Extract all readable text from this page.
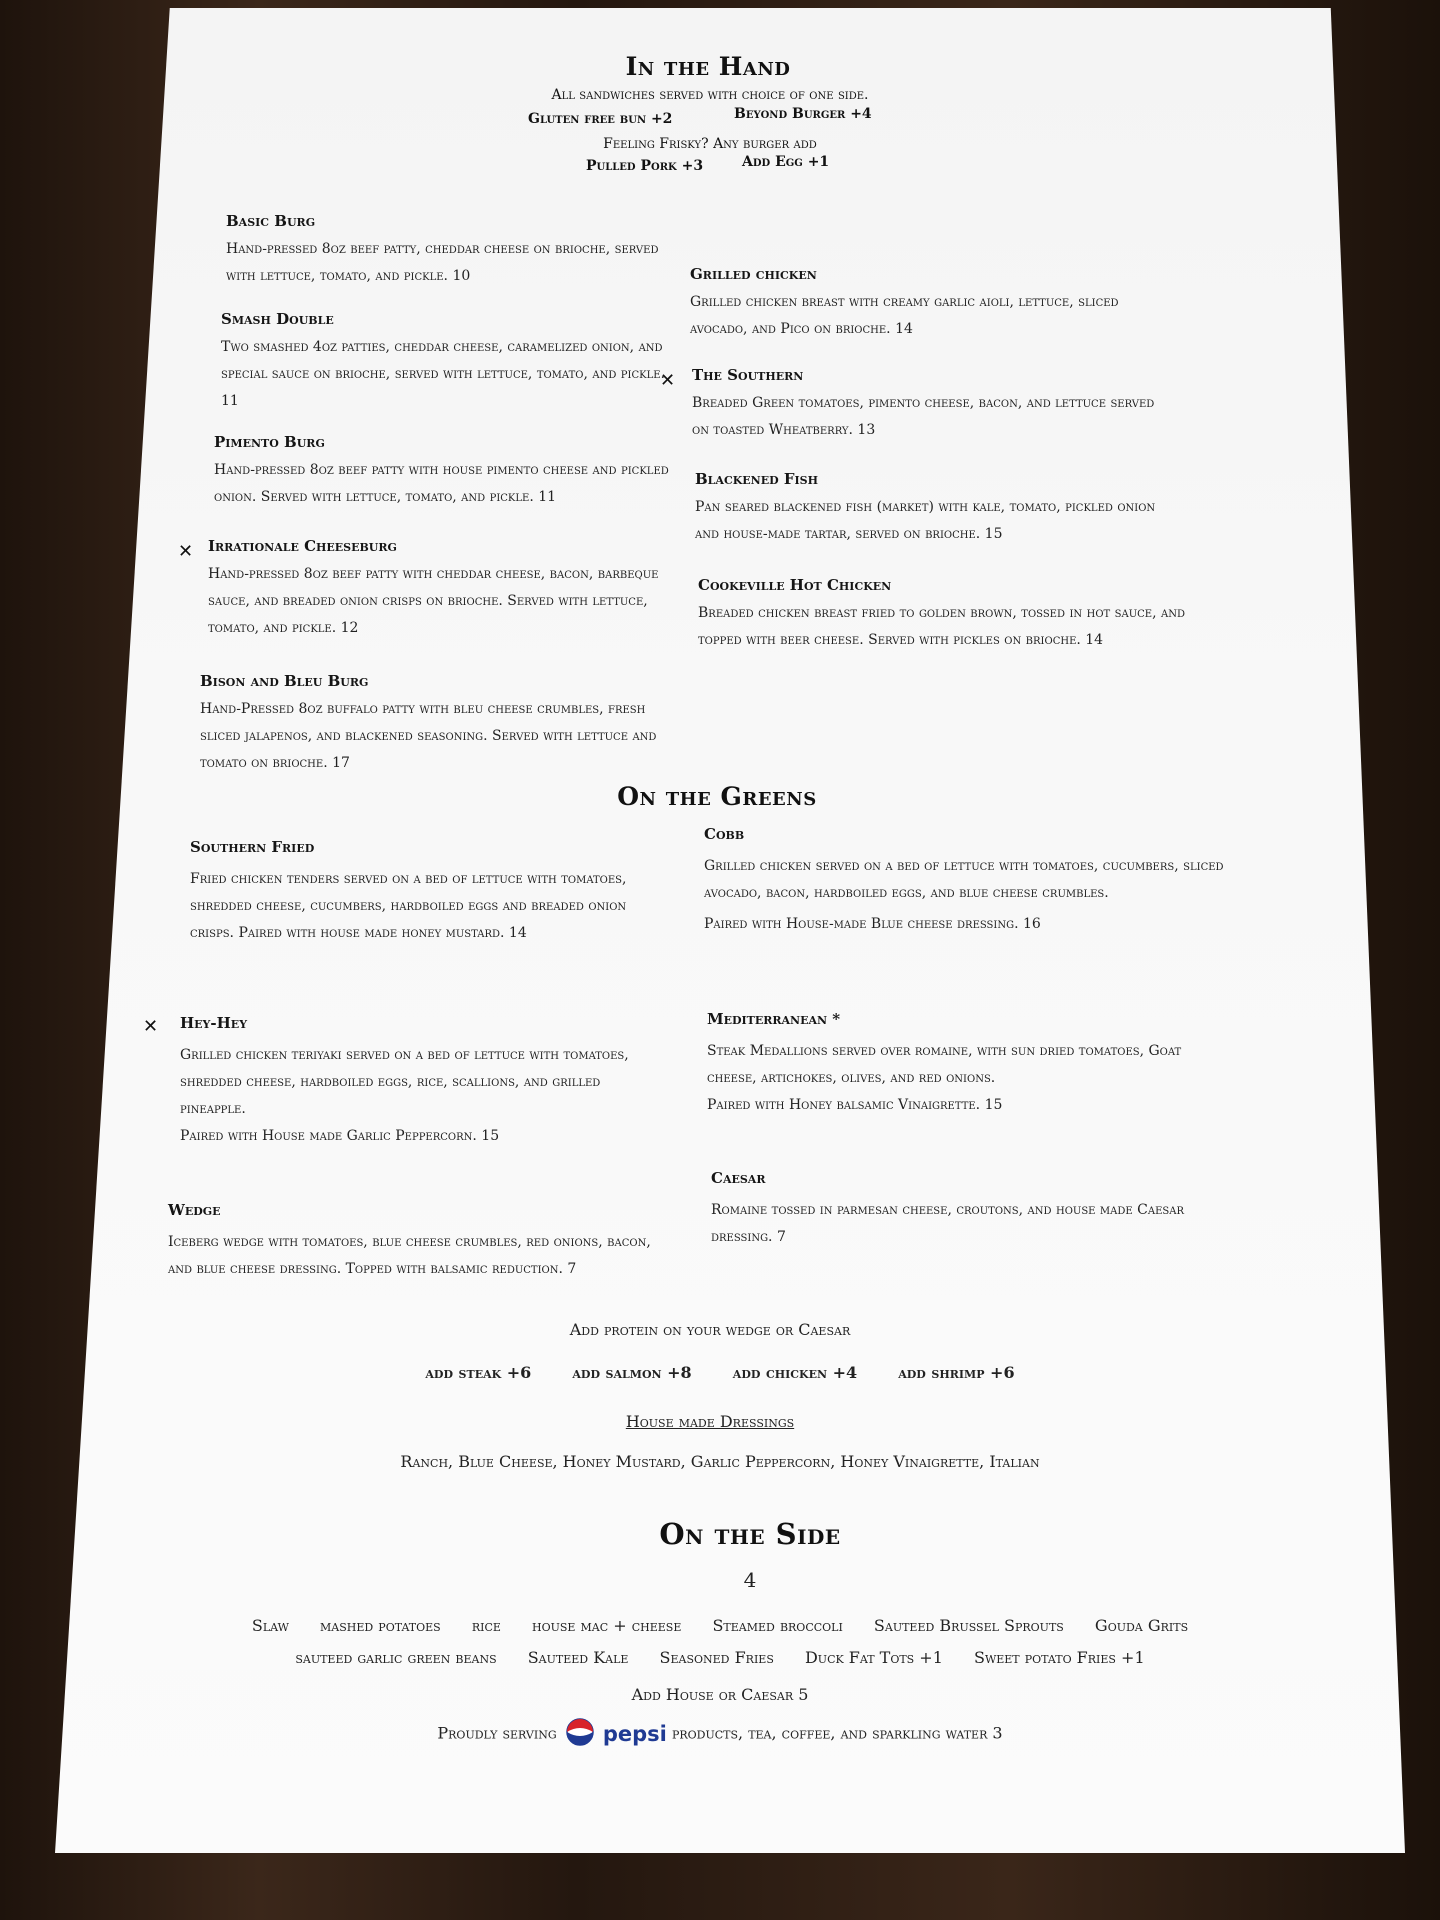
In the Hand
All sandwiches served with choice of one side.
Gluten free bun +2	Beyond Burger +4
Feeling Frisky? Any burger add
Pulled Pork +3	Add Egg +1
Basic Burg
Hand-pressed 8oz beef patty, cheddar cheese on brioche, served with lettuce, tomato, and pickle. 10
Smash Double
Two smashed 4oz patties, cheddar cheese, caramelized onion, and special sauce on brioche, served with lettuce, tomato, and pickle. 11
Pimento Burg
Hand-pressed 8oz beef patty with house pimento cheese and pickled onion. Served with lettuce, tomato, and pickle. 11
✕ Irrationale Cheeseburg
Hand-pressed 8oz beef patty with cheddar cheese, bacon, barbeque sauce, and breaded onion crisps on brioche. Served with lettuce, tomato, and pickle. 12
Bison and Bleu Burg
Hand-Pressed 8oz buffalo patty with bleu cheese crumbles, fresh sliced jalapenos, and blackened seasoning. Served with lettuce and tomato on brioche. 17
Grilled chicken
Grilled chicken breast with creamy garlic aioli, lettuce, sliced avocado, and Pico on brioche. 14
✕ The Southern
Breaded Green tomatoes, pimento cheese, bacon, and lettuce served on toasted Wheatberry. 13
Blackened Fish
Pan seared blackened fish (market) with kale, tomato, pickled onion and house-made tartar, served on brioche. 15
Cookeville Hot Chicken
Breaded chicken breast fried to golden brown, tossed in hot sauce, and topped with beer cheese. Served with pickles on brioche. 14
On the Greens
Southern Fried
Fried chicken tenders served on a bed of lettuce with tomatoes, shredded cheese, cucumbers, hardboiled eggs and breaded onion crisps. Paired with house made honey mustard. 14
✕ Hey-Hey
Grilled chicken teriyaki served on a bed of lettuce with tomatoes, shredded cheese, hardboiled eggs, rice, scallions, and grilled pineapple.
Paired with House made Garlic Peppercorn. 15
Wedge
Iceberg wedge with tomatoes, blue cheese crumbles, red onions, bacon, and blue cheese dressing. Topped with balsamic reduction. 7
Cobb
Grilled chicken served on a bed of lettuce with tomatoes, cucumbers, sliced avocado, bacon, hardboiled eggs, and blue cheese crumbles.
Paired with House-made Blue cheese dressing. 16
Mediterranean *
Steak Medallions served over romaine, with sun dried tomatoes, Goat cheese, artichokes, olives, and red onions.
Paired with Honey balsamic Vinaigrette. 15
Caesar
Romaine tossed in parmesan cheese, croutons, and house made Caesar dressing. 7
Add protein on your wedge or Caesar
add steak +6	add salmon +8	add chicken +4	add shrimp +6
House made Dressings
Ranch, Blue Cheese, Honey Mustard, Garlic Peppercorn, Honey Vinaigrette, Italian
On the Side
4
Slaw mashed potatoes rice house mac + cheese Steamed broccoli Sauteed Brussel Sprouts Gouda Grits
sauteed garlic green beans Sauteed Kale Seasoned Fries Duck Fat Tots +1 Sweet potato Fries +1
Add House or Caesar 5
Proudly serving pepsi products, tea, coffee, and sparkling water 3
